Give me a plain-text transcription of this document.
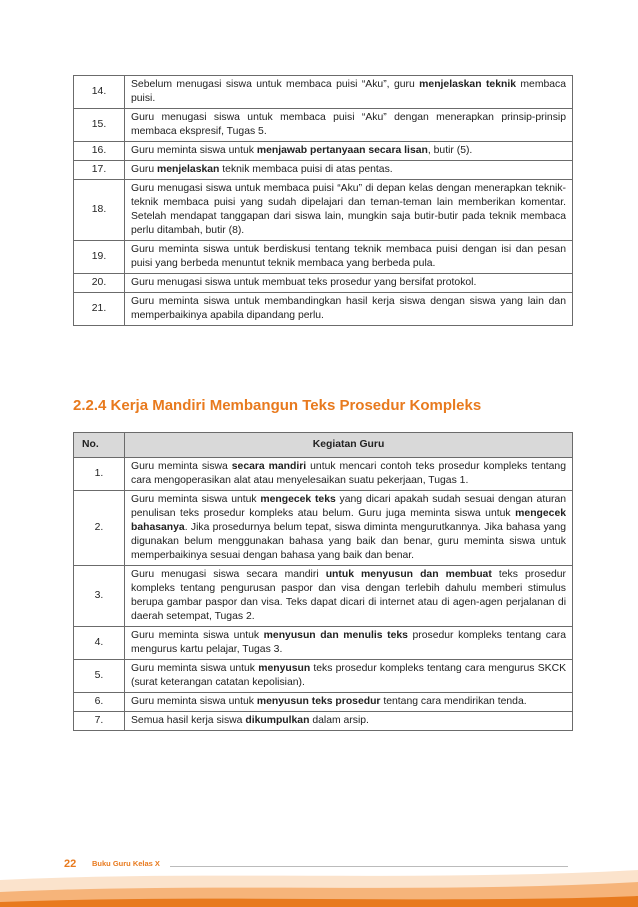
14.	Sebelum menugasi siswa untuk membaca puisi “Aku”, guru menjelaskan teknik membaca puisi.
15.	Guru menugasi siswa untuk membaca puisi “Aku” dengan menerapkan prinsip-prinsip membaca ekspresif, Tugas 5.
16.	Guru meminta siswa untuk menjawab pertanyaan secara lisan, butir (5).
17.	Guru menjelaskan teknik membaca puisi di atas pentas.
18.	Guru menugasi siswa untuk membaca puisi “Aku” di depan kelas dengan menerapkan teknik-teknik membaca puisi yang sudah dipelajari dan teman-teman lain memberikan komentar. Setelah mendapat tanggapan dari siswa lain, mungkin saja butir-butir pada teknik membaca perlu ditambah, butir (8).
19.	Guru meminta siswa untuk berdiskusi tentang teknik membaca puisi dengan isi dan pesan puisi yang berbeda menuntut teknik membaca yang berbeda pula.
20.	Guru menugasi siswa untuk membuat teks prosedur yang bersifat protokol.
21.	Guru meminta siswa untuk membandingkan hasil kerja siswa dengan siswa yang lain dan memperbaikinya apabila dipandang perlu.
2.2.4 Kerja Mandiri Membangun Teks Prosedur Kompleks
No.	Kegiatan Guru
1.	Guru meminta siswa secara mandiri untuk mencari contoh teks prosedur kompleks tentang cara mengoperasikan alat atau menyelesaikan suatu pekerjaan, Tugas 1.
2.	Guru meminta siswa untuk mengecek teks yang dicari apakah sudah sesuai dengan aturan penulisan teks prosedur kompleks atau belum. Guru juga meminta siswa untuk mengecek bahasanya. Jika prosedurnya belum tepat, siswa diminta mengurutkannya. Jika bahasa yang digunakan belum menggunakan bahasa yang baik dan benar, guru meminta siswa untuk memperbaikinya sesuai dengan bahasa yang baik dan benar.
3.	Guru menugasi siswa secara mandiri untuk menyusun dan membuat teks prosedur kompleks tentang pengurusan paspor dan visa dengan terlebih dahulu memberi stimulus berupa gambar paspor dan visa. Teks dapat dicari di internet atau di agen-agen perjalanan di daerah setempat, Tugas 2.
4.	Guru meminta siswa untuk menyusun dan menulis teks prosedur kompleks tentang cara mengurus kartu pelajar, Tugas 3.
5.	Guru meminta siswa untuk menyusun teks prosedur kompleks tentang cara mengurus SKCK (surat keterangan catatan kepolisian).
6.	Guru meminta siswa untuk menyusun teks prosedur tentang cara mendirikan tenda.
7.	Semua hasil kerja siswa dikumpulkan dalam arsip.
22 Buku Guru Kelas X
